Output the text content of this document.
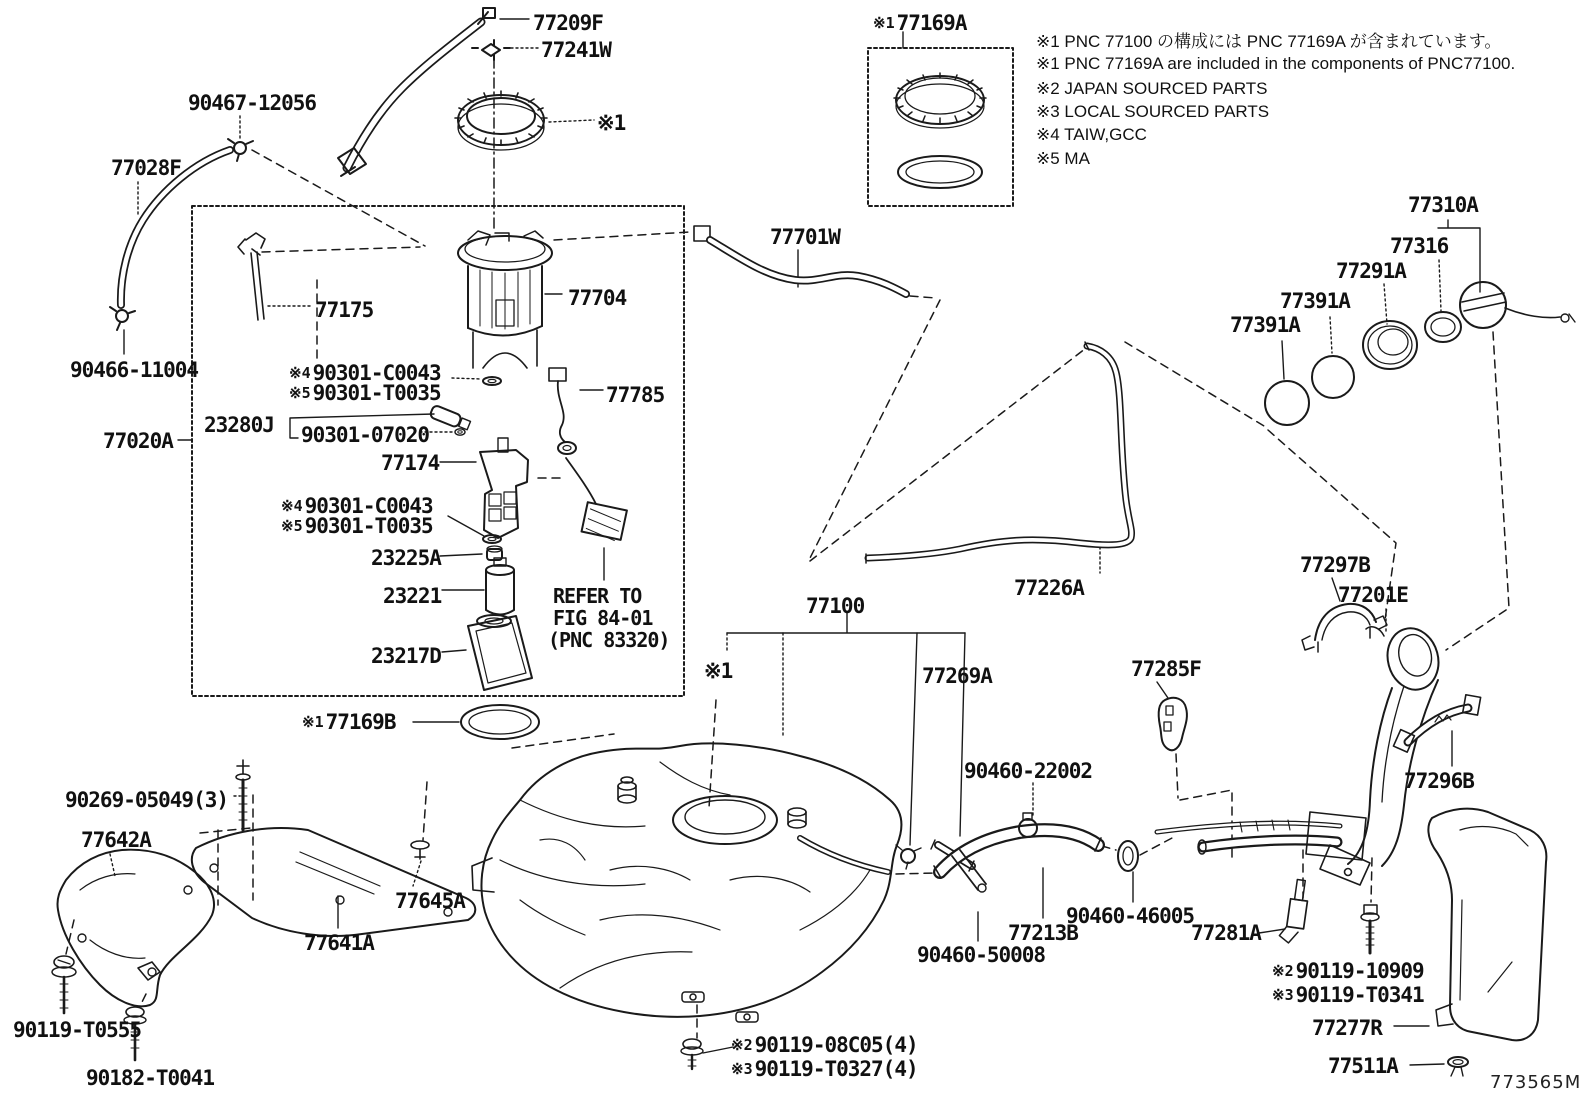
77209F
77241W
※1
90467-12056
77028F
90466-11004
77020A
77175	77704
※490301-C0043
※590301-T0035
23280J 90301-07020
77174
77785
※490301-C0043
※590301-T0035
23225A
23221
23217D
REFER TO
FIG 84-01
(PNC 83320)
※177169B
※177169A
※1 PNC 77100 の構成には PNC 77169A が含まれています。
※1 PNC 77169A are included in the components of PNC77100.
※2 JAPAN SOURCED PARTS
※3 LOCAL SOURCED PARTS
※4 TAIW,GCC
※5 MA
77701W
77310A
77316
77291A
77391A
77391A
77226A
77100
※1	77269A	77285F
90460-22002
77297B
77201E
77296B
90269-05049(3)
77642A
77645A
77641A
90119-T0555
90182-T0041
90460-50008
77213B
90460-46005
77281A
※290119-10909
※390119-T0341
77277R
77511A
※290119-08C05(4)
※390119-T0327(4)
773565M
